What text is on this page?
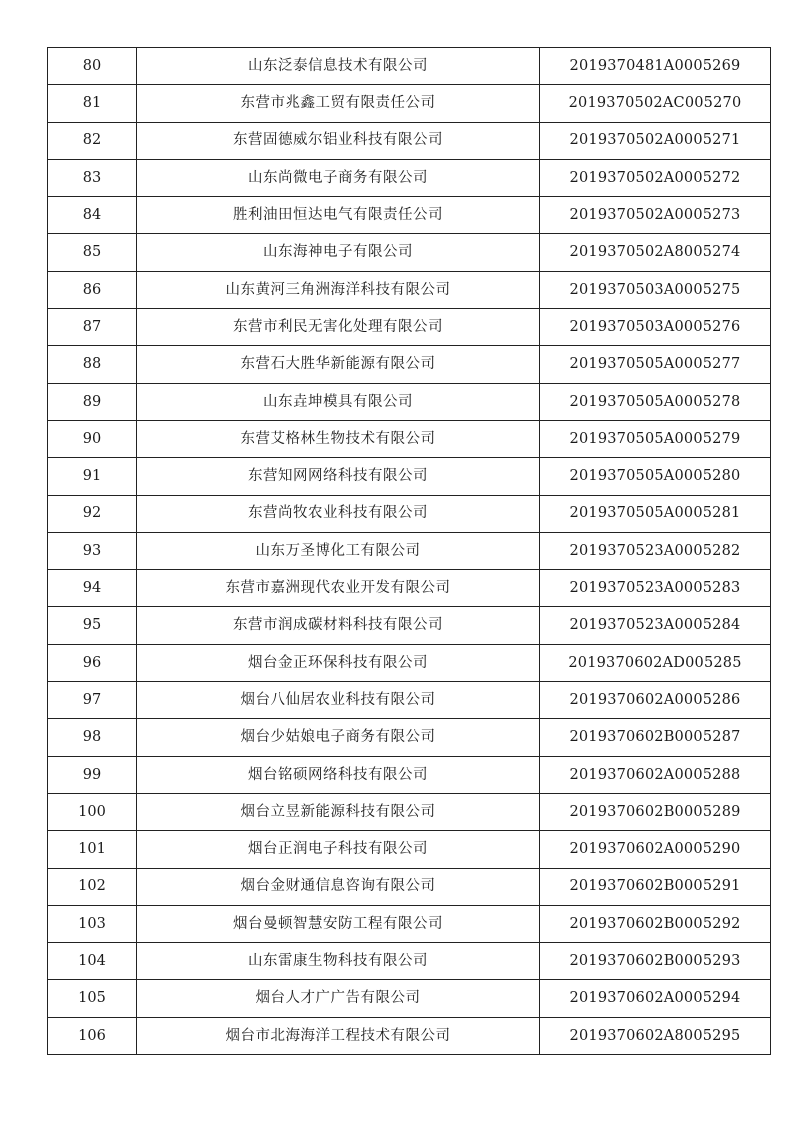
80	山东泛泰信息技术有限公司	2019370481A0005269
81	东营市兆鑫工贸有限责任公司	2019370502AC005270
82	东营固德威尔铝业科技有限公司	2019370502A0005271
83	山东尚微电子商务有限公司	2019370502A0005272
84	胜利油田恒达电气有限责任公司	2019370502A0005273
85	山东海神电子有限公司	2019370502A8005274
86	山东黄河三角洲海洋科技有限公司	2019370503A0005275
87	东营市利民无害化处理有限公司	2019370503A0005276
88	东营石大胜华新能源有限公司	2019370505A0005277
89	山东垚坤模具有限公司	2019370505A0005278
90	东营艾格林生物技术有限公司	2019370505A0005279
91	东营知网网络科技有限公司	2019370505A0005280
92	东营尚牧农业科技有限公司	2019370505A0005281
93	山东万圣博化工有限公司	2019370523A0005282
94	东营市嘉洲现代农业开发有限公司	2019370523A0005283
95	东营市润成碳材料科技有限公司	2019370523A0005284
96	烟台金正环保科技有限公司	2019370602AD005285
97	烟台八仙居农业科技有限公司	2019370602A0005286
98	烟台少姑娘电子商务有限公司	2019370602B0005287
99	烟台铭硕网络科技有限公司	2019370602A0005288
100	烟台立昱新能源科技有限公司	2019370602B0005289
101	烟台正润电子科技有限公司	2019370602A0005290
102	烟台金财通信息咨询有限公司	2019370602B0005291
103	烟台曼顿智慧安防工程有限公司	2019370602B0005292
104	山东雷康生物科技有限公司	2019370602B0005293
105	烟台人才广广告有限公司	2019370602A0005294
106	烟台市北海海洋工程技术有限公司	2019370602A8005295
